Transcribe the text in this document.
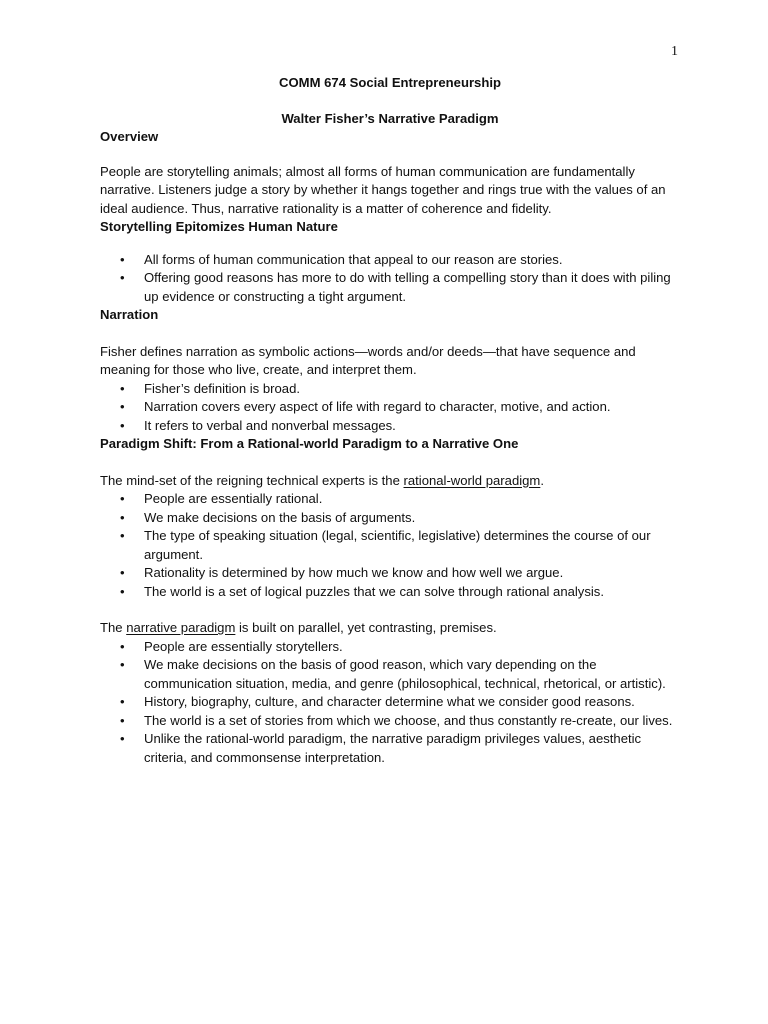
1

COMM 674 Social Entrepreneurship

Walter Fisher’s Narrative Paradigm

Overview

People are storytelling animals; almost all forms of human communication are fundamentally narrative. Listeners judge a story by whether it hangs together and rings true with the values of an ideal audience. Thus, narrative rationality is a matter of coherence and fidelity.

Storytelling Epitomizes Human Nature
• All forms of human communication that appeal to our reason are stories.
• Offering good reasons has more to do with telling a compelling story than it does with piling up evidence or constructing a tight argument.
Narration

Fisher defines narration as symbolic actions—words and/or deeds—that have sequence and meaning for those who live, create, and interpret them.

• Fisher’s definition is broad.
• Narration covers every aspect of life with regard to character, motive, and action.
• It refers to verbal and nonverbal messages.
Paradigm Shift: From a Rational-world Paradigm to a Narrative One

The mind-set of the reigning technical experts is the rational-world paradigm.

• People are essentially rational.
• We make decisions on the basis of arguments.
• The type of speaking situation (legal, scientific, legislative) determines the course of our argument.
• Rationality is determined by how much we know and how well we argue.
• The world is a set of logical puzzles that we can solve through rational analysis.

The narrative paradigm is built on parallel, yet contrasting, premises.

• People are essentially storytellers.
• We make decisions on the basis of good reason, which vary depending on the communication situation, media, and genre (philosophical, technical, rhetorical, or artistic).
• History, biography, culture, and character determine what we consider good reasons.
• The world is a set of stories from which we choose, and thus constantly re-create, our lives.
• Unlike the rational-world paradigm, the narrative paradigm privileges values, aesthetic criteria, and commonsense interpretation.
